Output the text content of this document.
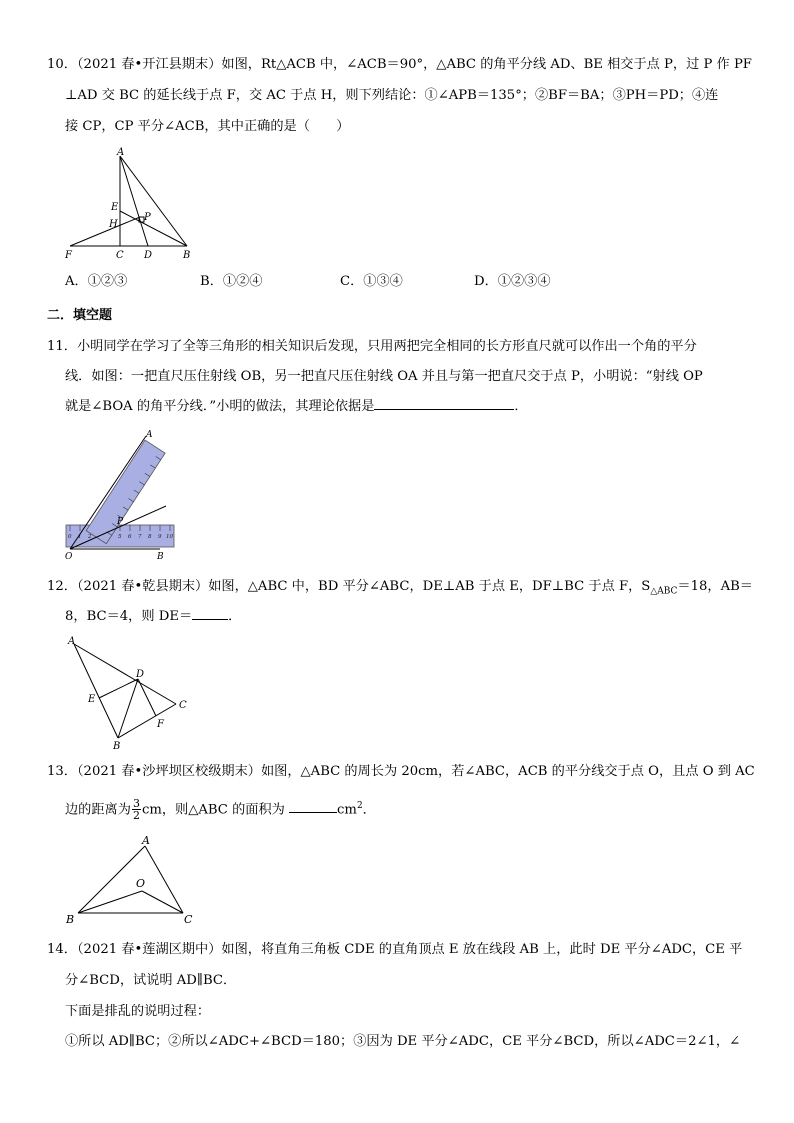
10．（2021 春•开江县期末）如图，Rt△ACB 中，∠ACB＝90°，△ABC 的角平分线 AD、BE 相交于点 P，过 P 作 PF
⊥AD 交 BC 的延长线于点 F，交 AC 于点 H，则下列结论：①∠APB＝135°；②BF＝BA；③PH＝PD；④连
接 CP，CP 平分∠ACB，其中正确的是（　　）
A
E
H
P
F	C D	B
A．①②③	B．①②④	C．①③④	D．①②③④
二．填空题
11．小明同学在学习了全等三角形的相关知识后发现，只用两把完全相同的长方形直尺就可以作出一个角的平分
线．如图：一把直尺压住射线 OB，另一把直尺压住射线 OA 并且与第一把直尺交于点 P，小明说：“射线 OP
就是∠BOA 的角平分线．”小明的做法，其理论依据是	．
0 1 2	5 6 7 8 9 10
A
P
O	B
12．（2021 春•乾县期末）如图，△ABC 中，BD 平分∠ABC，DE⊥AB 于点 E，DF⊥BC 于点 F，$S_{\triangle ABC}=18$，AB＝
8，BC＝4，则 DE＝	．
A
D
C
E
F
B
13．（2021 春•沙坪坝区校级期末）如图，△ABC 的周长为 20cm，若∠ABC，ACB 的平分线交于点 O，且点 O 到 AC
边的距离为 $\frac{3}{2}$ cm，则△ABC 的面积为	$cm^2$．
A
O
B	C
14．（2021 春•莲湖区期中）如图，将直角三角板 CDE 的直角顶点 E 放在线段 AB 上，此时 DE 平分∠ADC，CE 平
分∠BCD，试说明 AD∥BC．
下面是排乱的说明过程：
①所以 AD∥BC；②所以∠ADC+∠BCD＝180；③因为 DE 平分∠ADC，CE 平分∠BCD，所以∠ADC＝2∠1，∠
